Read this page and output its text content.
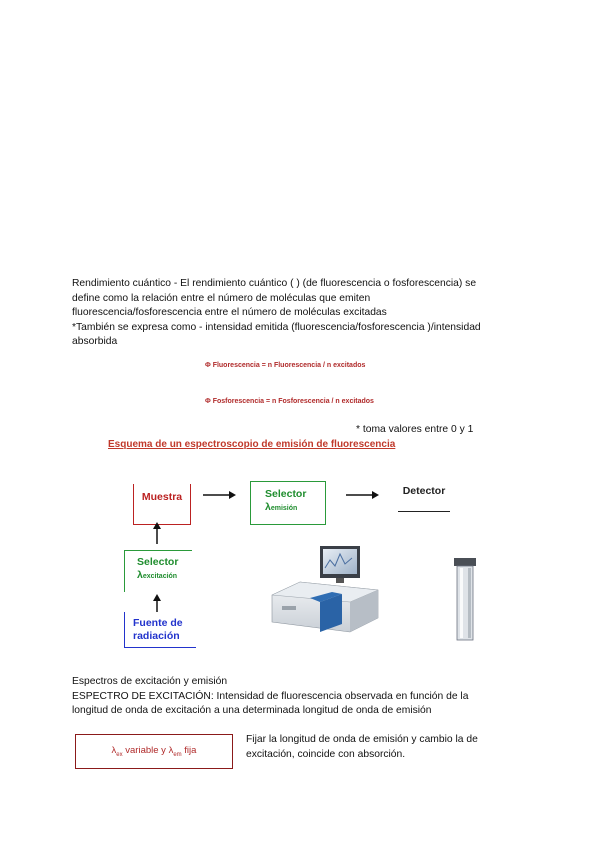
Rendimiento cuántico - El rendimiento cuántico ( ) (de fluorescencia o fosforescencia) se
define como la relación entre el número de moléculas que emiten
fluorescencia/fosforescencia entre el número de moléculas excitadas
*También se expresa como - intensidad emitida (fluorescencia/fosforescencia )/intensidad
absorbida
Φ Fluorescencia = n Fluorescencia / n excitados
Φ Fosforescencia = n Fosforescencia / n excitados
* toma valores entre 0 y 1
Esquema de un espectroscopio de emisión de fluorescencia
Muestra	Selector
λemisión
Detector
Selector
λexcitación
Fuente de
radiación
Espectros de excitación y emisión
ESPECTRO DE EXCITACIÓN: Intensidad de fluorescencia observada en función de la
longitud de onda de excitación a una determinada longitud de onda de emisión
$\lambda_{ex}$ variable y $\lambda_{em}$ fija
Fijar la longitud de onda de emisión y cambio la de
excitación, coincide con absorción.
